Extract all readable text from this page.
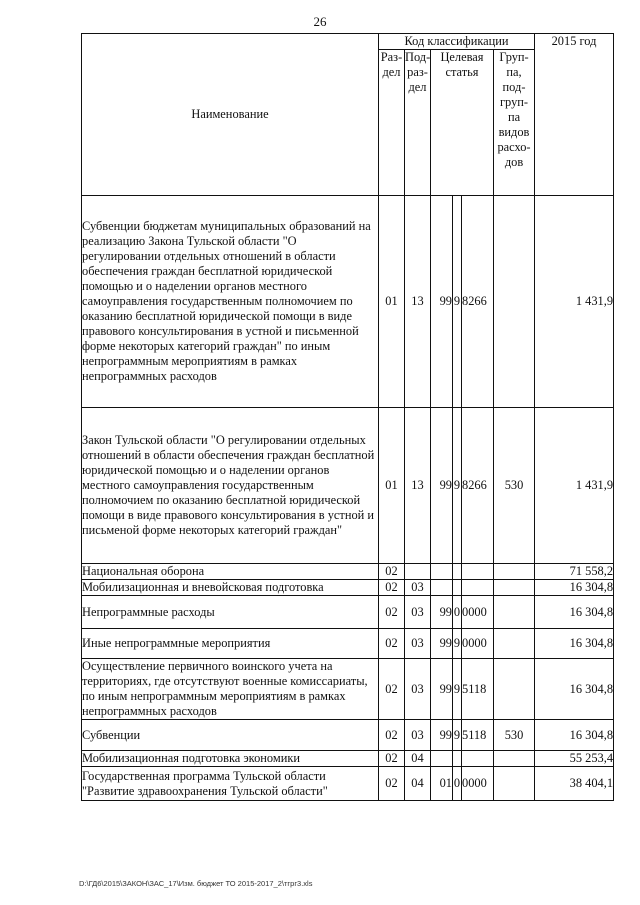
26
Наименование	Код классификации						2015 год
	Раз-дел	Под-раз-дел	Целевая статья			Груп-па, под-груп-па видов расхо-дов	
Субвенции бюджетам муниципальных образований на реализацию Закона Тульской области "О регулировании отдельных отношений в области обеспечения граждан бесплатной юридической помощью и о наделении органов местного самоуправления государственным полномочием по оказанию бесплатной юридической помощи в виде правового консультирования в устной и письменной форме некоторых категорий граждан" по иным непрограммным мероприятиям в рамках непрограммных расходов	01	13	99	9	8266		1 431,9
Закон Тульской области "О регулировании отдельных отношений в области обеспечения граждан бесплатной юридической помощью и о наделении органов местного самоуправления государственным полномочием по оказанию бесплатной юридической помощи в виде правового консультирования в устной и письменой форме некоторых категорий граждан"	01	13	99	9	8266	530	1 431,9
Национальная оборона	02						71 558,2
Мобилизационная и вневойсковая подготовка	02	03					16 304,8
Непрограммные расходы	02	03	99	0	0000		16 304,8
Иные непрограммные мероприятия	02	03	99	9	0000		16 304,8
Осуществление первичного воинского учета на территориях, где отсутствуют военные комиссариаты, по иным непрограммным мероприятиям в рамках непрограммных расходов	02	03	99	9	5118		16 304,8
Субвенции	02	03	99	9	5118	530	16 304,8
Мобилизационная подготовка экономики	02	04					55 253,4
Государственная программа Тульской области "Развитие здравоохранения Тульской области"	02	04	01	0	0000		38 404,1
D:\ГД6\2015\ЗАКОН\ЗАС_17\Изм. бюджет ТО 2015-2017_2\тгрг3.xls
